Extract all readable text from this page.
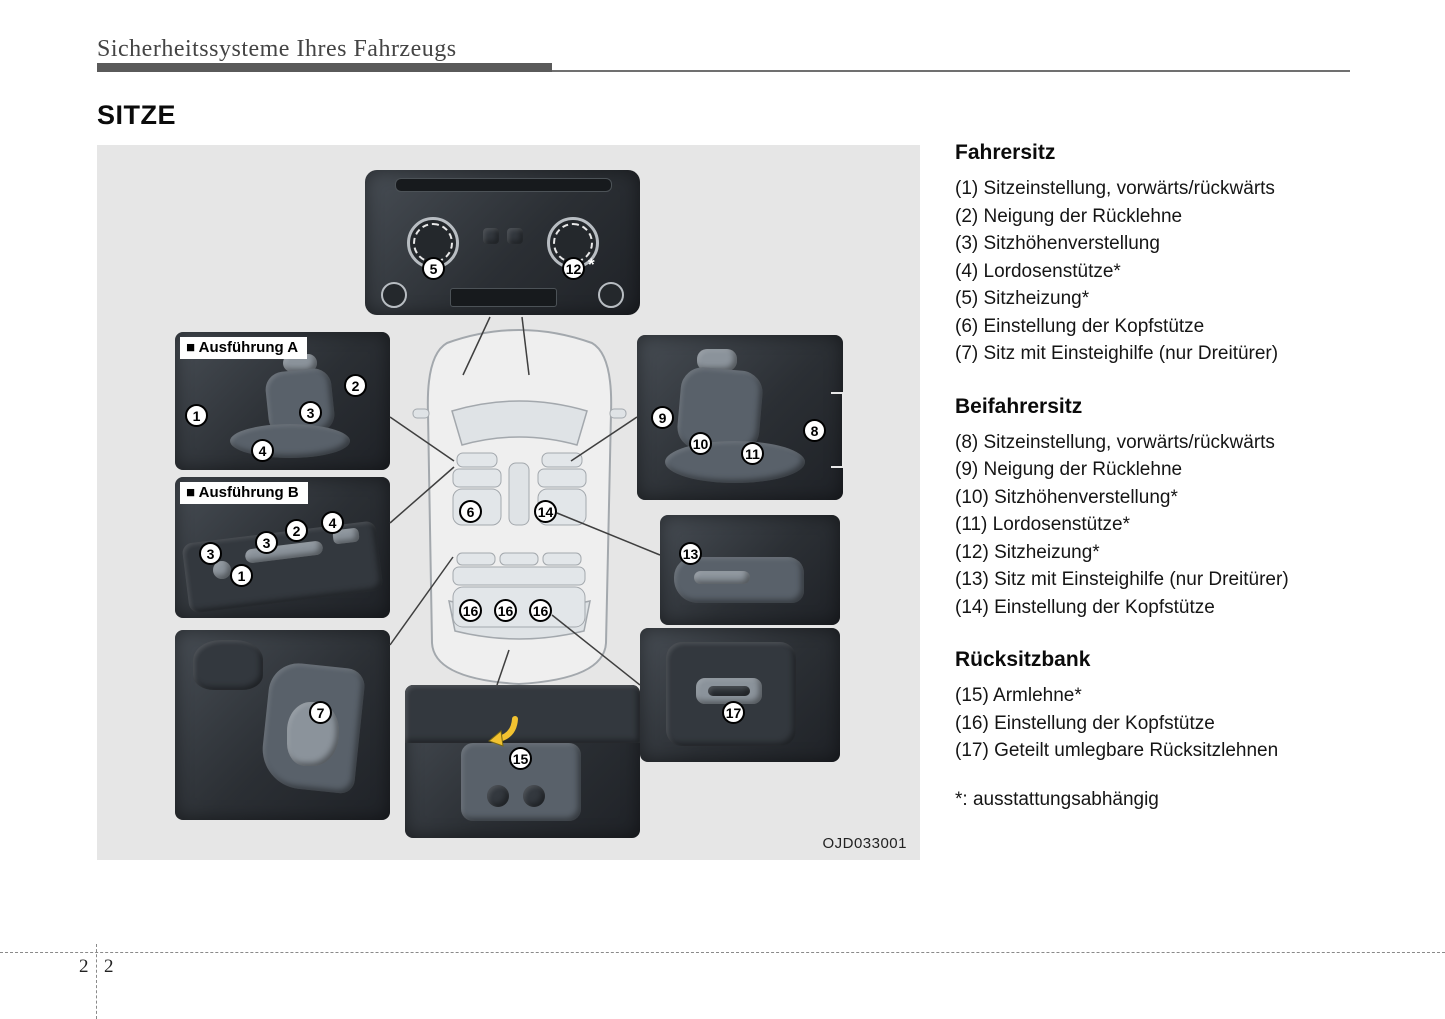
Sicherheitssysteme Ihres Fahrzeugs
SITZE
■ Ausführung A
■ Ausführung B
5	12 *
1
2
3
4
3
3
2	4
1
7
6	14
16 16 16
9
10
11
8
13
17
15
OJD033001
Fahrersitz
(1) Sitzeinstellung, vorwärts/rückwärts
(2) Neigung der Rücklehne
(3) Sitzhöhenverstellung
(4) Lordosenstütze*
(5) Sitzheizung*
(6) Einstellung der Kopfstütze
(7) Sitz mit Einsteighilfe (nur Dreitürer)
Beifahrersitz
(8) Sitzeinstellung, vorwärts/rückwärts
(9) Neigung der Rücklehne
(10) Sitzhöhenverstellung*
(11) Lordosenstütze*
(12) Sitzheizung*
(13) Sitz mit Einsteighilfe (nur Dreitürer)
(14) Einstellung der Kopfstütze
Rücksitzbank
(15) Armlehne*
(16) Einstellung der Kopfstütze
(17) Geteilt umlegbare Rücksitzlehnen
*: ausstattungsabhängig
2 2
